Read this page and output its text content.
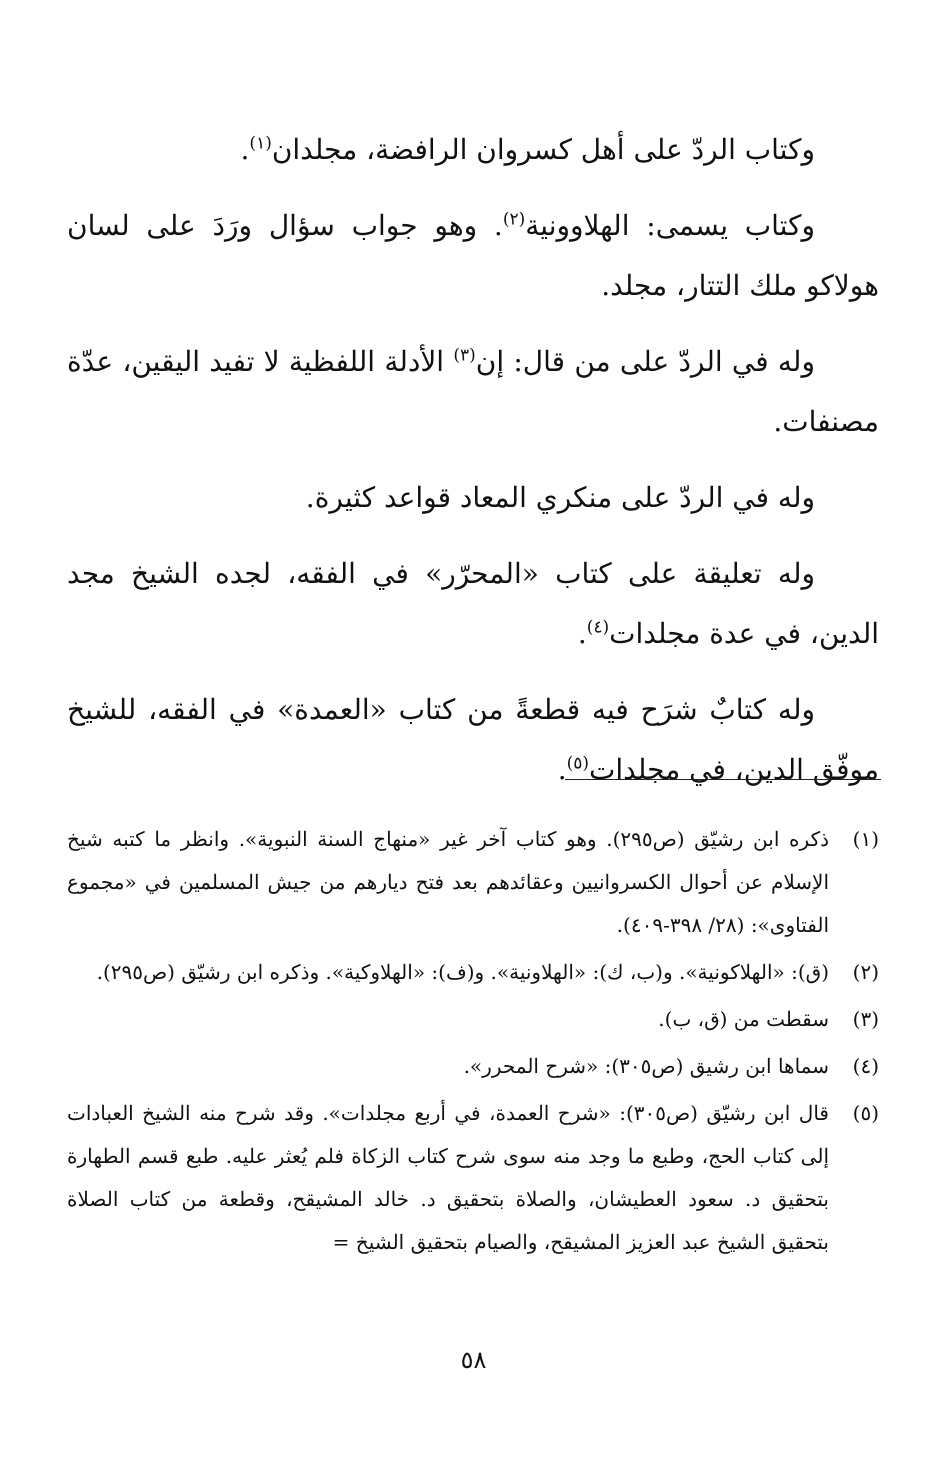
وكتاب الردّ على أهل كسروان الرافضة، مجلدان$^{(١)}$.

وكتاب يسمى: الهلاوونية$^{(٢)}$. وهو جواب سؤال ورَدَ على لسان هولاكو ملك التتار، مجلد.

وله في الردّ على من قال: إن$^{(٣)}$ الأدلة اللفظية لا تفيد اليقين، عدّة مصنفات.

وله في الردّ على منكري المعاد قواعد كثيرة.

وله تعليقة على كتاب «المحرّر» في الفقه، لجده الشيخ مجد الدين، في عدة مجلدات$^{(٤)}$.

وله كتابٌ شرَح فيه قطعةً من كتاب «العمدة» في الفقه، للشيخ موفّق الدين، في مجلدات$^{(٥)}$.

(١)
ذكره ابن رشيّق (ص٢٩٥). وهو كتاب آخر غير «منهاج السنة النبوية». وانظر ما كتبه شيخ الإسلام عن أحوال الكسروانيين وعقائدهم بعد فتح ديارهم من جيش المسلمين في «مجموع الفتاوى»: (٢٨/ ٣٩٨-٤٠٩).
(٢)
(ق): «الهلاكونية». و(ب، ك): «الهلاونية». و(ف): «الهلاوكية». وذكره ابن رشيّق (ص٢٩٥).
(٣)
سقطت من (ق، ب).
(٤)
سماها ابن رشيق (ص٣٠٥): «شرح المحرر».
(٥)
قال ابن رشيّق (ص٣٠٥): «شرح العمدة، في أربع مجلدات». وقد شرح منه الشيخ العبادات إلى كتاب الحج، وطبع ما وجد منه سوى شرح كتاب الزكاة فلم يُعثر عليه. طبع قسم الطهارة بتحقيق د. سعود العطيشان، والصلاة بتحقيق د. خالد المشيقح، وقطعة من كتاب الصلاة بتحقيق الشيخ عبد العزيز المشيقح، والصيام بتحقيق الشيخ =
٥٨
